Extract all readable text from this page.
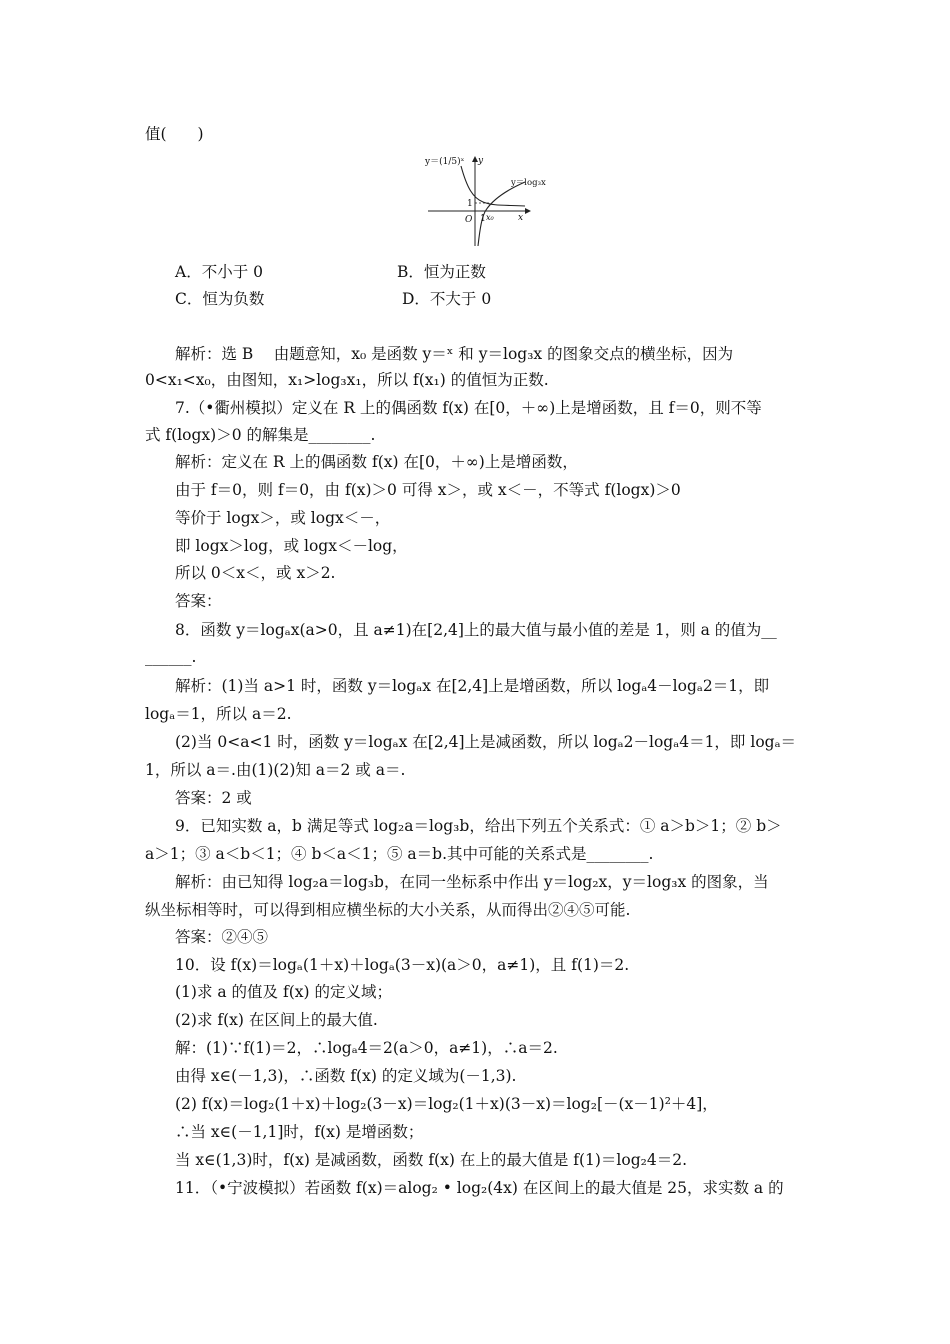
值(　　)
y＝(1/5)ˣ y
y＝log₃x
1
O 1 x₀	x
A．不小于 0	B．恒为正数
C．恒为负数	D．不大于 0
解析：选 B　 由题意知，x₀ 是函数 y＝ˣ 和 y＝log₃x 的图象交点的横坐标，因为
0<x₁<x₀，由图知，x₁>log₃x₁，所以 f(x₁) 的值恒为正数.
7.（•衢州模拟）定义在 R 上的偶函数 f(x) 在[0，＋∞)上是增函数，且 f＝0，则不等
式 f(logx)＞0 的解集是________.
解析：定义在 R 上的偶函数 f(x) 在[0，＋∞)上是增函数，
由于 f＝0，则 f＝0，由 f(x)＞0 可得 x＞，或 x＜－，不等式 f(logx)＞0
等价于 logx＞，或 logx＜－，
即 logx＞log，或 logx＜－log，
所以 0＜x＜，或 x＞2.
答案：
8．函数 y＝logₐx(a>0，且 a≠1)在[2,4]上的最大值与最小值的差是 1，则 a 的值为__
______.
解析：(1)当 a>1 时，函数 y＝logₐx 在[2,4]上是增函数，所以 logₐ4－logₐ2＝1，即
logₐ＝1，所以 a＝2.
(2)当 0<a<1 时，函数 y＝logₐx 在[2,4]上是减函数，所以 logₐ2－logₐ4＝1，即 logₐ＝
1，所以 a＝.由(1)(2)知 a＝2 或 a＝.
答案：2 或
9．已知实数 a，b 满足等式 log₂a＝log₃b，给出下列五个关系式：① a＞b＞1；② b＞
a＞1；③ a＜b＜1；④ b＜a＜1；⑤ a＝b.其中可能的关系式是________.
解析：由已知得 log₂a＝log₃b，在同一坐标系中作出 y＝log₂x，y＝log₃x 的图象，当
纵坐标相等时，可以得到相应横坐标的大小关系，从而得出②④⑤可能.
答案：②④⑤
10．设 f(x)＝logₐ(1＋x)＋logₐ(3－x)(a＞0，a≠1)，且 f(1)＝2.
(1)求 a 的值及 f(x) 的定义域；
(2)求 f(x) 在区间上的最大值.
解：(1)∵f(1)＝2，∴logₐ4＝2(a＞0，a≠1)，∴a＝2.
由得 x∈(－1,3)，∴函数 f(x) 的定义域为(－1,3).
(2) f(x)＝log₂(1＋x)＋log₂(3－x)＝log₂(1＋x)(3－x)＝log₂[－(x－1)²＋4]，
∴当 x∈(－1,1]时，f(x) 是增函数；
当 x∈(1,3)时，f(x) 是减函数，函数 f(x) 在上的最大值是 f(1)＝log₂4＝2.
11．（•宁波模拟）若函数 f(x)＝alog₂ • log₂(4x) 在区间上的最大值是 25，求实数 a 的
